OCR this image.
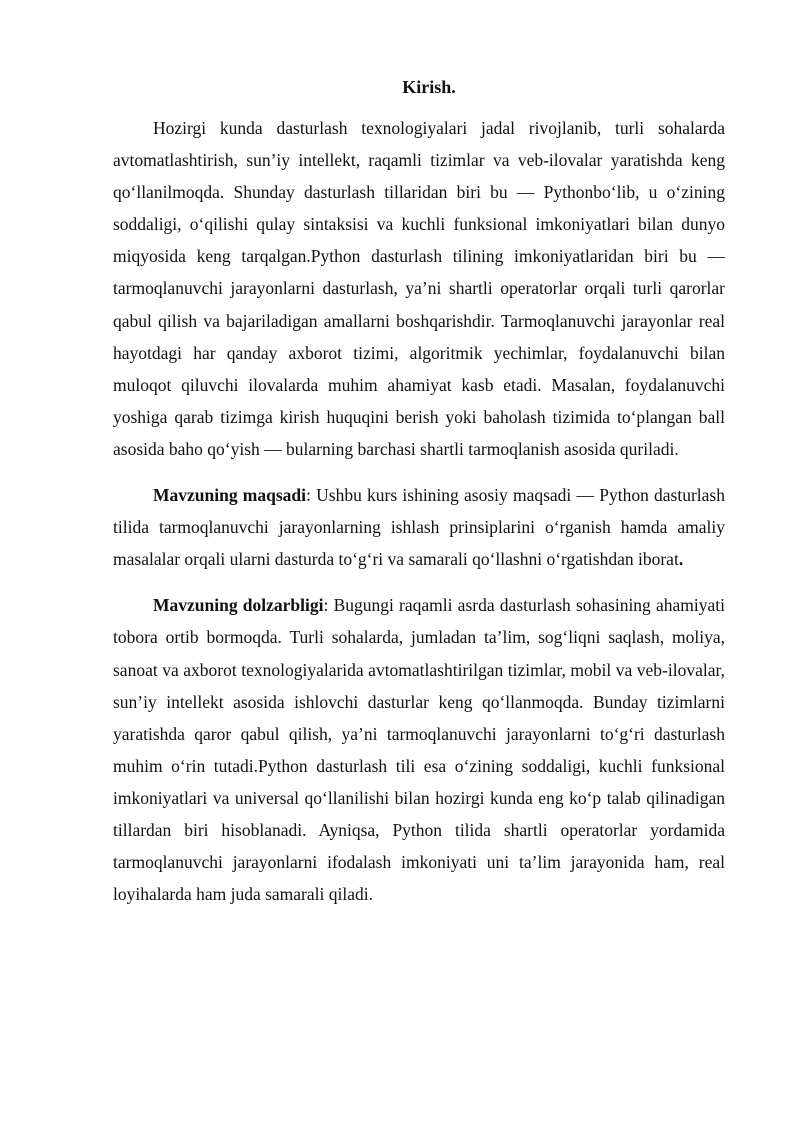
Kirish.

Hozirgi kunda dasturlash texnologiyalari jadal rivojlanib, turli sohalarda avtomatlashtirish, sun’iy intellekt, raqamli tizimlar va veb-ilovalar yaratishda keng qo‘llanilmoqda. Shunday dasturlash tillaridan biri bu — Pythonbo‘lib, u o‘zining soddaligi, o‘qilishi qulay sintaksisi va kuchli funksional imkoniyatlari bilan dunyo miqyosida keng tarqalgan.Python dasturlash tilining imkoniyatlaridan biri bu — tarmoqlanuvchi jarayonlarni dasturlash, ya’ni shartli operatorlar orqali turli qarorlar qabul qilish va bajariladigan amallarni boshqarishdir. Tarmoqlanuvchi jarayonlar real hayotdagi har qanday axborot tizimi, algoritmik yechimlar, foydalanuvchi bilan muloqot qiluvchi ilovalarda muhim ahamiyat kasb etadi. Masalan, foydalanuvchi yoshiga qarab tizimga kirish huquqini berish yoki baholash tizimida to‘plangan ball asosida baho qo‘yish — bularning barchasi shartli tarmoqlanish asosida quriladi.

Mavzuning maqsadi: Ushbu kurs ishining asosiy maqsadi — Python dasturlash tilida tarmoqlanuvchi jarayonlarning ishlash prinsiplarini o‘rganish hamda amaliy masalalar orqali ularni dasturda to‘g‘ri va samarali qo‘llashni o‘rgatishdan iborat.

Mavzuning dolzarbligi: Bugungi raqamli asrda dasturlash sohasining ahamiyati tobora ortib bormoqda. Turli sohalarda, jumladan ta’lim, sog‘liqni saqlash, moliya, sanoat va axborot texnologiyalarida avtomatlashtirilgan tizimlar, mobil va veb-ilovalar, sun’iy intellekt asosida ishlovchi dasturlar keng qo‘llanmoqda. Bunday tizimlarni yaratishda qaror qabul qilish, ya’ni tarmoqlanuvchi jarayonlarni to‘g‘ri dasturlash muhim o‘rin tutadi.Python dasturlash tili esa o‘zining soddaligi, kuchli funksional imkoniyatlari va universal qo‘llanilishi bilan hozirgi kunda eng ko‘p talab qilinadigan tillardan biri hisoblanadi. Ayniqsa, Python tilida shartli operatorlar yordamida tarmoqlanuvchi jarayonlarni ifodalash imkoniyati uni ta’lim jarayonida ham, real loyihalarda ham juda samarali qiladi.
